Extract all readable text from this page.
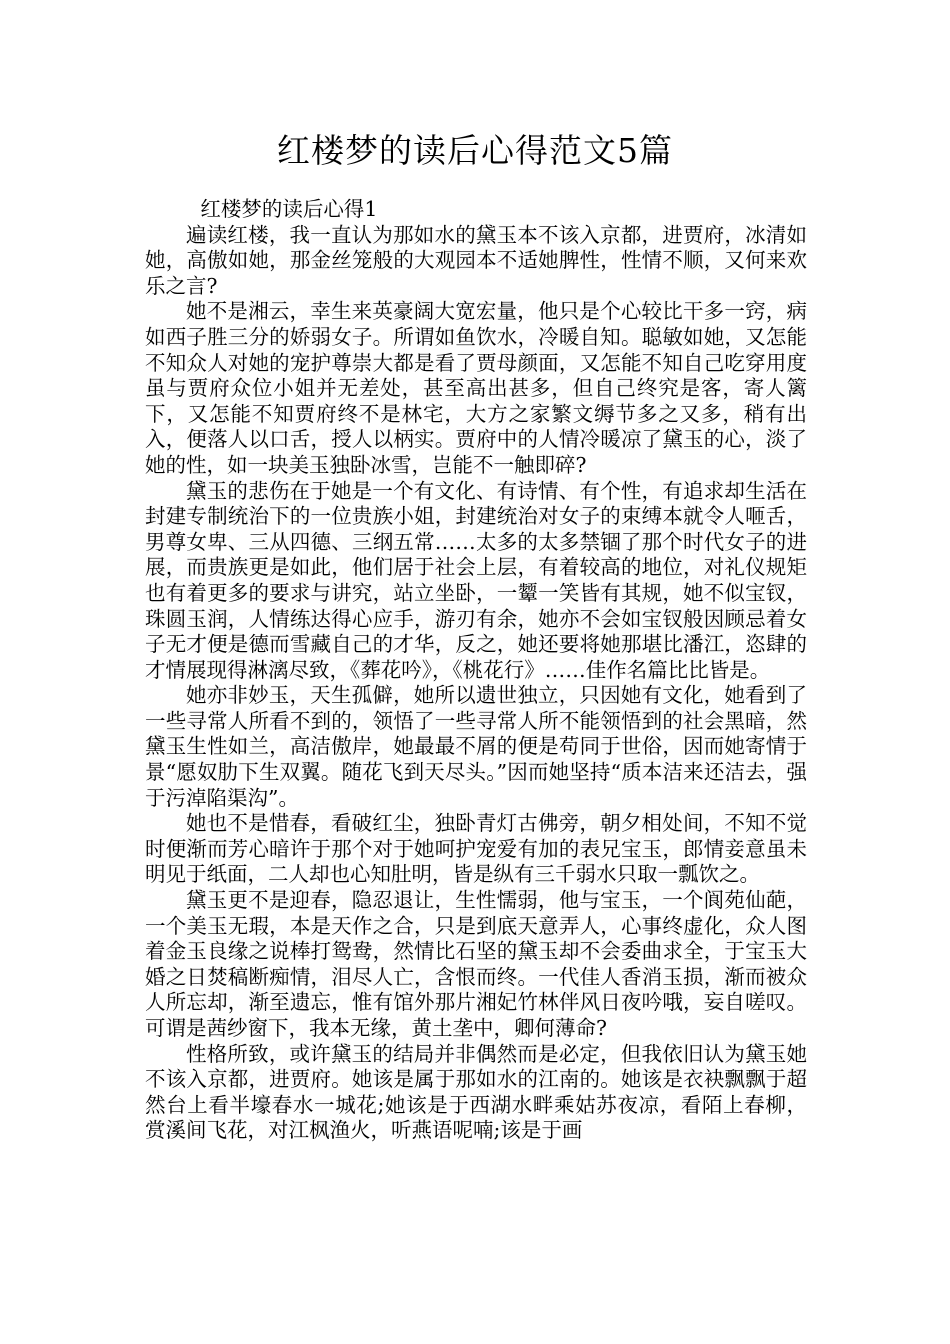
红楼梦的读后心得范文5篇

红楼梦的读后心得1

遍读红楼，我一直认为那如水的黛玉本不该入京都，进贾府，冰清如她，高傲如她，那金丝笼般的大观园本不适她脾性，性情不顺，又何来欢乐之言?

她不是湘云，幸生来英豪阔大宽宏量，他只是个心较比干多一窍，病如西子胜三分的娇弱女子。所谓如鱼饮水，冷暖自知。聪敏如她，又怎能不知众人对她的宠护尊崇大都是看了贾母颜面，又怎能不知自己吃穿用度虽与贾府众位小姐并无差处，甚至高出甚多，但自己终究是客，寄人篱下，又怎能不知贾府终不是林宅，大方之家繁文缛节多之又多，稍有出入，便落人以口舌，授人以柄实。贾府中的人情冷暖凉了黛玉的心，淡了她的性，如一块美玉独卧冰雪，岂能不一触即碎?

黛玉的悲伤在于她是一个有文化、有诗情、有个性，有追求却生活在封建专制统治下的一位贵族小姐，封建统治对女子的束缚本就令人咂舌，男尊女卑、三从四德、三纲五常……太多的太多禁锢了那个时代女子的进展，而贵族更是如此，他们居于社会上层，有着较高的地位，对礼仪规矩也有着更多的要求与讲究，站立坐卧，一颦一笑皆有其规，她不似宝钗，珠圆玉润，人情练达得心应手，游刃有余，她亦不会如宝钗般因顾忌着女子无才便是德而雪藏自己的才华，反之，她还要将她那堪比潘江，恣肆的才情展现得淋漓尽致，《葬花吟》，《桃花行》……佳作名篇比比皆是。

她亦非妙玉，天生孤僻，她所以遗世独立，只因她有文化，她看到了一些寻常人所看不到的，领悟了一些寻常人所不能领悟到的社会黑暗，然黛玉生性如兰，高洁傲岸，她最最不屑的便是苟同于世俗，因而她寄情于景“愿奴肋下生双翼。随花飞到天尽头。”因而她坚持“质本洁来还洁去，强于污淖陷渠沟”。

她也不是惜春，看破红尘，独卧青灯古佛旁，朝夕相处间，不知不觉时便渐而芳心暗许于那个对于她呵护宠爱有加的表兄宝玉，郎情妾意虽未明见于纸面，二人却也心知肚明，皆是纵有三千弱水只取一瓢饮之。

黛玉更不是迎春，隐忍退让，生性懦弱，他与宝玉，一个阆苑仙葩，一个美玉无瑕，本是天作之合，只是到底天意弄人，心事终虚化，众人图着金玉良缘之说棒打鸳鸯，然情比石坚的黛玉却不会委曲求全，于宝玉大婚之日焚稿断痴情，泪尽人亡，含恨而终。一代佳人香消玉损，渐而被众人所忘却，渐至遗忘，惟有馆外那片湘妃竹林伴风日夜吟哦，妄自嗟叹。可谓是茜纱窗下，我本无缘，黄土垄中，卿何薄命?

性格所致，或许黛玉的结局并非偶然而是必定，但我依旧认为黛玉她不该入京都，进贾府。她该是属于那如水的江南的。她该是衣袂飘飘于超然台上看半壕春水一城花;她该是于西湖水畔乘姑苏夜凉，看陌上春柳，赏溪间飞花，对江枫渔火，听燕语呢喃;该是于画
